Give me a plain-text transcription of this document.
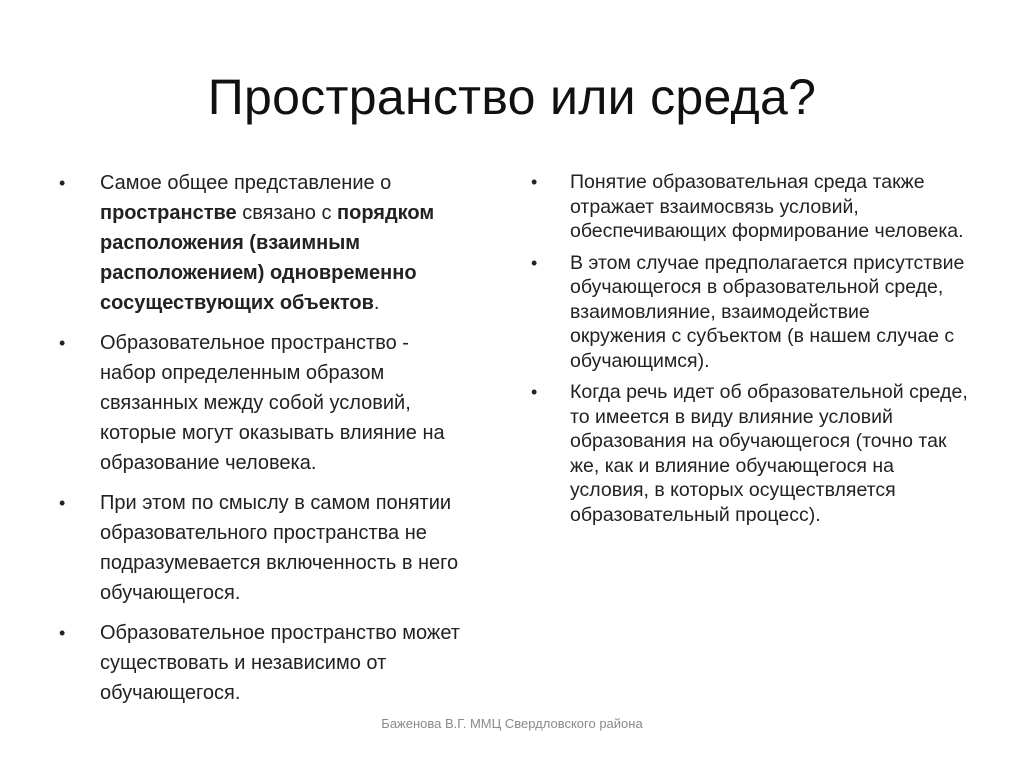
Пространство или среда?
• Самое общее представление о пространстве связано с порядком расположения (взаимным расположением) одновременно сосуществующих объектов.
• Образовательное пространство - набор определенным образом связанных между собой условий, которые могут оказывать влияние на образование человека.
• При этом по смыслу в самом понятии образовательного пространства не подразумевается включенность в него обучающегося.
• Образовательное пространство может существовать и независимо от обучающегося.
• Понятие образовательная среда также отражает взаимосвязь условий, обеспечивающих формирование человека.
• В этом случае предполагается присутствие обучающегося в образовательной среде, взаимовлияние, взаимодействие окружения с субъектом (в нашем случае с обучающимся).
• Когда речь идет об образовательной среде, то имеется в виду влияние условий образования на обучающегося (точно так же, как и влияние обучающегося на условия, в которых осуществляется образовательный процесс).
Баженова В.Г. ММЦ Свердловского района
